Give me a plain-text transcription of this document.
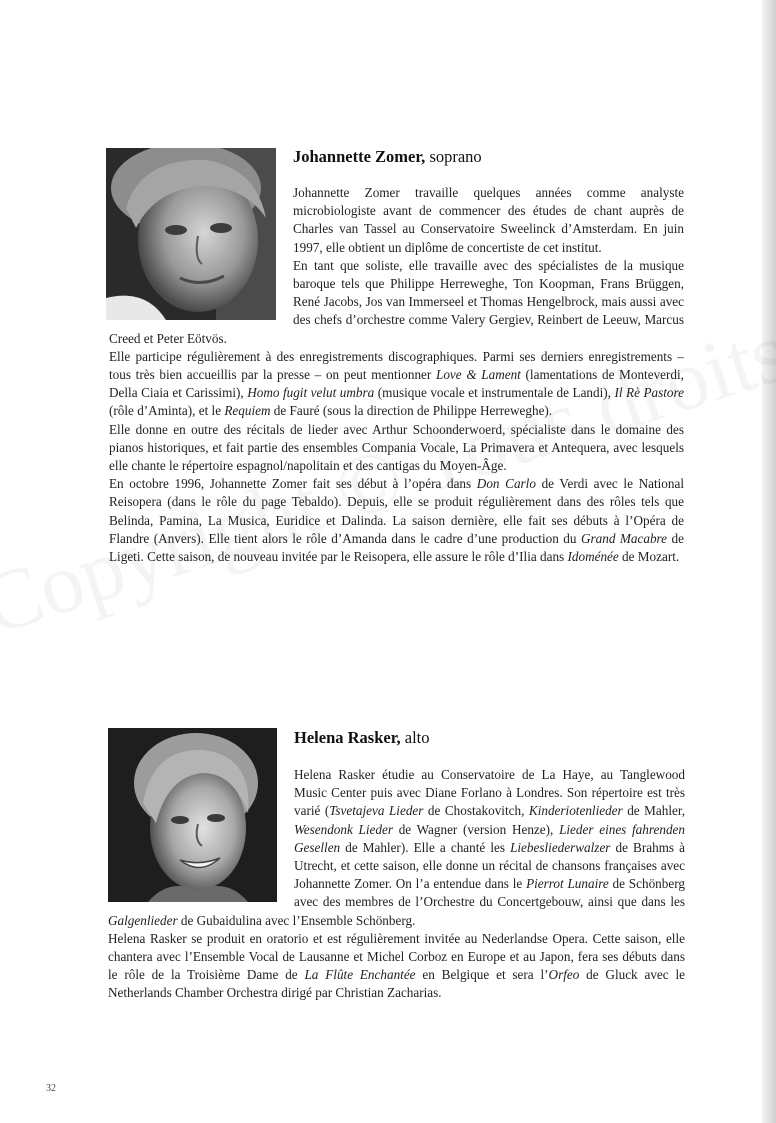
Johannette Zomer, soprano

Johannette Zomer travaille quelques années comme analyste microbiologiste avant de commencer des études de chant auprès de Charles van Tassel au Conservatoire Sweelinck d’Amsterdam. En juin 1997, elle obtient un diplôme de concertiste de cet institut.

En tant que soliste, elle travaille avec des spécialistes de la musique baroque tels que Philippe Herreweghe, Ton Koopman, Frans Brüggen, René Jacobs, Jos van Immerseel et Thomas Hengelbrock, mais aussi avec des chefs d’orchestre comme Valery Gergiev, Reinbert de Leeuw, Marcus Creed et Peter Eötvös.

Elle participe régulièrement à des enregistrements discographiques. Parmi ses derniers enregistrements – tous très bien accueillis par la presse – on peut mentionner Love & Lament (lamentations de Monteverdi, Della Ciaia et Carissimi), Homo fugit velut umbra (musique vocale et instrumentale de Landi), Il Rè Pastore (rôle d’Aminta), et le Requiem de Fauré (sous la direction de Philippe Herreweghe).

Elle donne en outre des récitals de lieder avec Arthur Schoonderwoerd, spécialiste dans le domaine des pianos historiques, et fait partie des ensembles Compania Vocale, La Primavera et Antequera, avec lesquels elle chante le répertoire espagnol/napolitain et des cantigas du Moyen-Âge.

En octobre 1996, Johannette Zomer fait ses début à l’opéra dans Don Carlo de Verdi avec le National Reisopera (dans le rôle du page Tebaldo). Depuis, elle se produit régulièrement dans des rôles tels que Belinda, Pamina, La Musica, Euridice et Dalinda. La saison dernière, elle fait ses débuts à l’Opéra de Flandre (Anvers). Elle tient alors le rôle d’Amanda dans le cadre d’une production du Grand Macabre de Ligeti. Cette saison, de nouveau invitée par le Reisopera, elle assure le rôle d’Ilia dans Idoménée de Mozart.

Helena Rasker, alto

Helena Rasker étudie au Conservatoire de La Haye, au Tanglewood Music Center puis avec Diane Forlano à Londres. Son répertoire est très varié (Tsvetajeva Lieder de Chostakovitch, Kinderiotenlieder de Mahler, Wesendonk Lieder de Wagner (version Henze), Lieder eines fahrenden Gesellen de Mahler). Elle a chanté les Liebesliederwalzer de Brahms à Utrecht, et cette saison, elle donne un récital de chansons françaises avec Johannette Zomer. On l’a entendue dans le Pierrot Lunaire de Schönberg avec des membres de l’Orchestre du Concertgebouw, ainsi que dans les Galgenlieder de Gubaidulina avec l’Ensemble Schönberg.

Helena Rasker se produit en oratorio et est régulièrement invitée au Nederlandse Opera. Cette saison, elle chantera avec l’Ensemble Vocal de Lausanne et Michel Corboz en Europe et au Japon, fera ses débuts dans le rôle de la Troisième Dame de La Flûte Enchantée en Belgique et sera l’Orfeo de Gluck avec le Netherlands Chamber Orchestra dirigé par Christian Zacharias.

32
